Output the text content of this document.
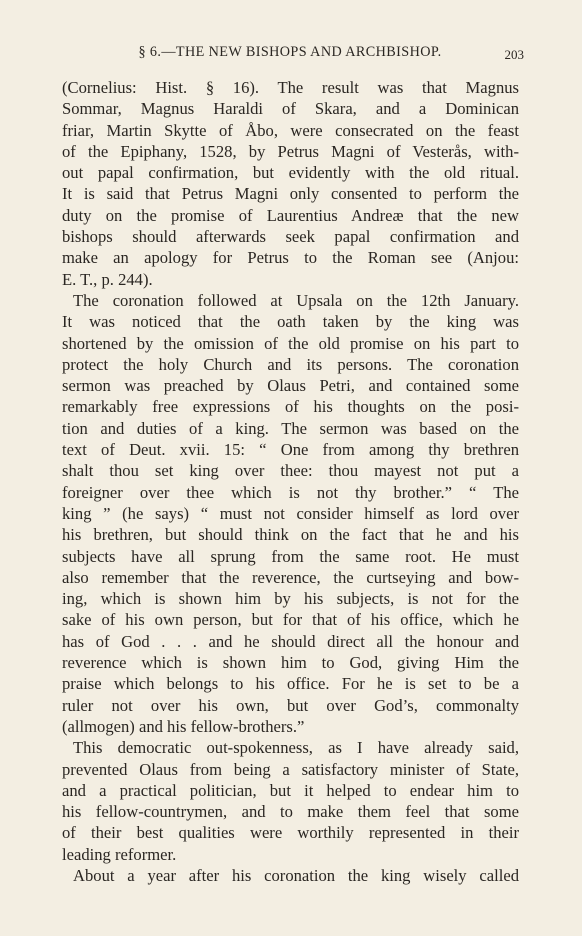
§ 6.—THE NEW BISHOPS AND ARCHBISHOP.	203
(Cornelius: Hist. § 16). The result was that Magnus
Sommar, Magnus Haraldi of Skara, and a Dominican
friar, Martin Skytte of Åbo, were consecrated on the feast
of the Epiphany, 1528, by Petrus Magni of Vesterås, with-
out papal confirmation, but evidently with the old ritual.
It is said that Petrus Magni only consented to perform the
duty on the promise of Laurentius Andreæ that the new
bishops should afterwards seek papal confirmation and
make an apology for Petrus to the Roman see (Anjou:
E. T., p. 244).
The coronation followed at Upsala on the 12th January.
It was noticed that the oath taken by the king was
shortened by the omission of the old promise on his part to
protect the holy Church and its persons. The coronation
sermon was preached by Olaus Petri, and contained some
remarkably free expressions of his thoughts on the posi-
tion and duties of a king. The sermon was based on the
text of Deut. xvii. 15: “ One from among thy brethren
shalt thou set king over thee: thou mayest not put a
foreigner over thee which is not thy brother.” “ The
king ” (he says) “ must not consider himself as lord over
his brethren, but should think on the fact that he and his
subjects have all sprung from the same root. He must
also remember that the reverence, the curtseying and bow-
ing, which is shown him by his subjects, is not for the
sake of his own person, but for that of his office, which he
has of God . . . and he should direct all the honour and
reverence which is shown him to God, giving Him the
praise which belongs to his office. For he is set to be a
ruler not over his own, but over God’s, commonalty
(allmogen) and his fellow-brothers.”
This democratic out-spokenness, as I have already said,
prevented Olaus from being a satisfactory minister of State,
and a practical politician, but it helped to endear him to
his fellow-countrymen, and to make them feel that some
of their best qualities were worthily represented in their
leading reformer.
About a year after his coronation the king wisely called
